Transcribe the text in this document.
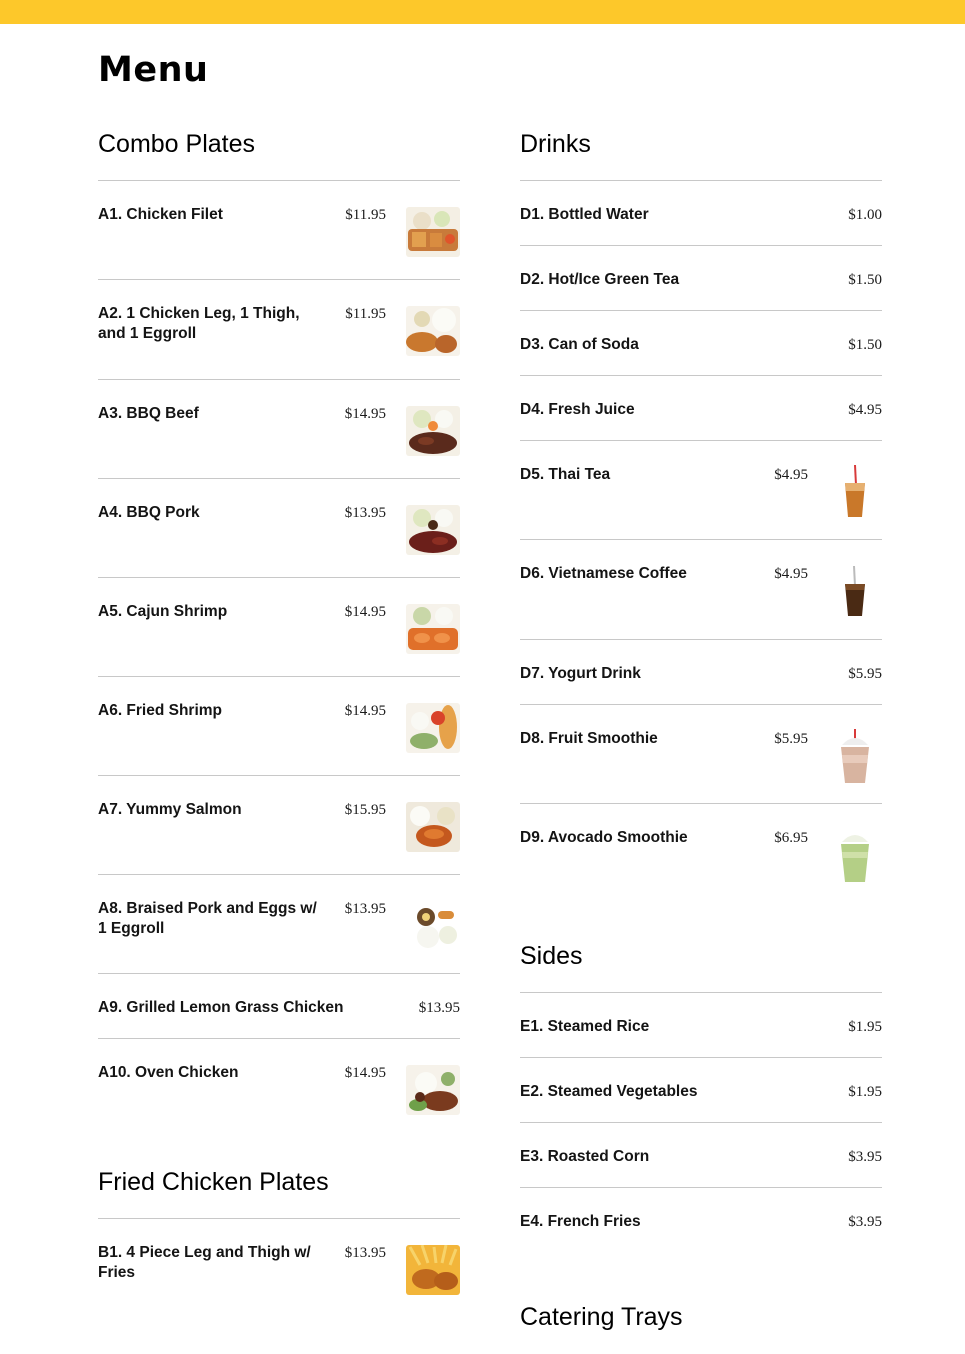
Menu
Combo Plates
A1. Chicken Filet	$11.95
A2. 1 Chicken Leg, 1 Thigh, and 1 Eggroll
$11.95
A3. BBQ Beef	$14.95
A4. BBQ Pork	$13.95
A5. Cajun Shrimp	$14.95
A6. Fried Shrimp	$14.95
A7. Yummy Salmon	$15.95
A8. Braised Pork and Eggs w/ 1 Eggroll
$13.95
A9. Grilled Lemon Grass Chicken	$13.95
A10. Oven Chicken	$14.95
Fried Chicken Plates
B1. 4 Piece Leg and Thigh w/ Fries
$13.95
Drinks
D1. Bottled Water	$1.00
D2. Hot/Ice Green Tea	$1.50
D3. Can of Soda	$1.50
D4. Fresh Juice	$4.95
D5. Thai Tea	$4.95
D6. Vietnamese Coffee	$4.95
D7. Yogurt Drink	$5.95
D8. Fruit Smoothie	$5.95
D9. Avocado Smoothie	$6.95
Sides
E1. Steamed Rice	$1.95
E2. Steamed Vegetables	$1.95
E3. Roasted Corn	$3.95
E4. French Fries	$3.95
Catering Trays
